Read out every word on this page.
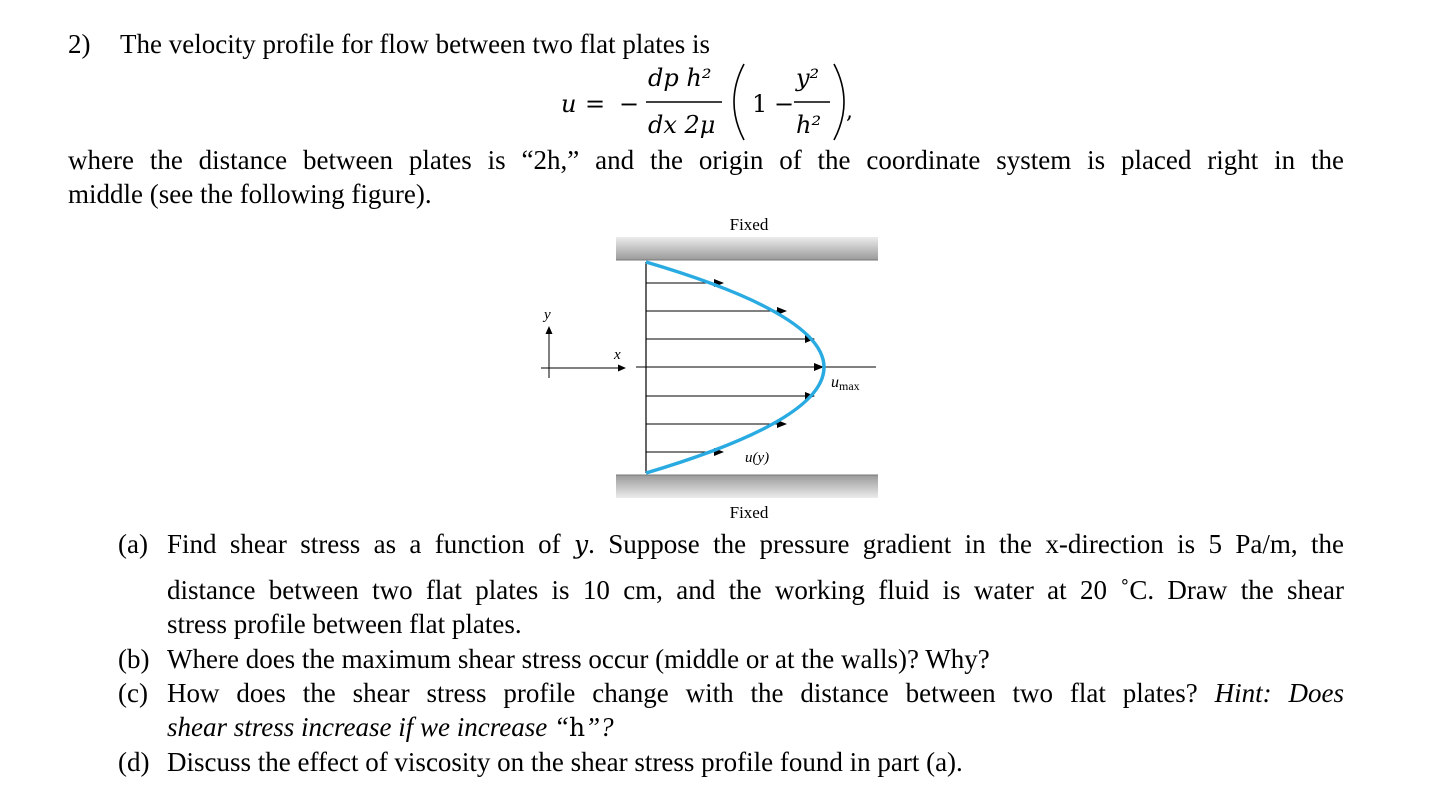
2) The velocity profile for flow between two flat plates is
u = −
dp h²
dx 2μ
1 −
y²
h² ,
where the distance between plates is “2h,” and the origin of the coordinate system is placed right in the
middle (see the following figure).
Fixed
Fixed
umax
u(y)
y
x
(a) Find shear stress as a function of y. Suppose the pressure gradient in the x-direction is 5 Pa/m, the
distance between two flat plates is 10 cm, and the working fluid is water at 20 ˚C. Draw the shear
stress profile between flat plates.
(b) Where does the maximum shear stress occur (middle or at the walls)? Why?
(c) How does the shear stress profile change with the distance between two flat plates? Hint: Does
shear stress increase if we increase “h”?
(d) Discuss the effect of viscosity on the shear stress profile found in part (a).
